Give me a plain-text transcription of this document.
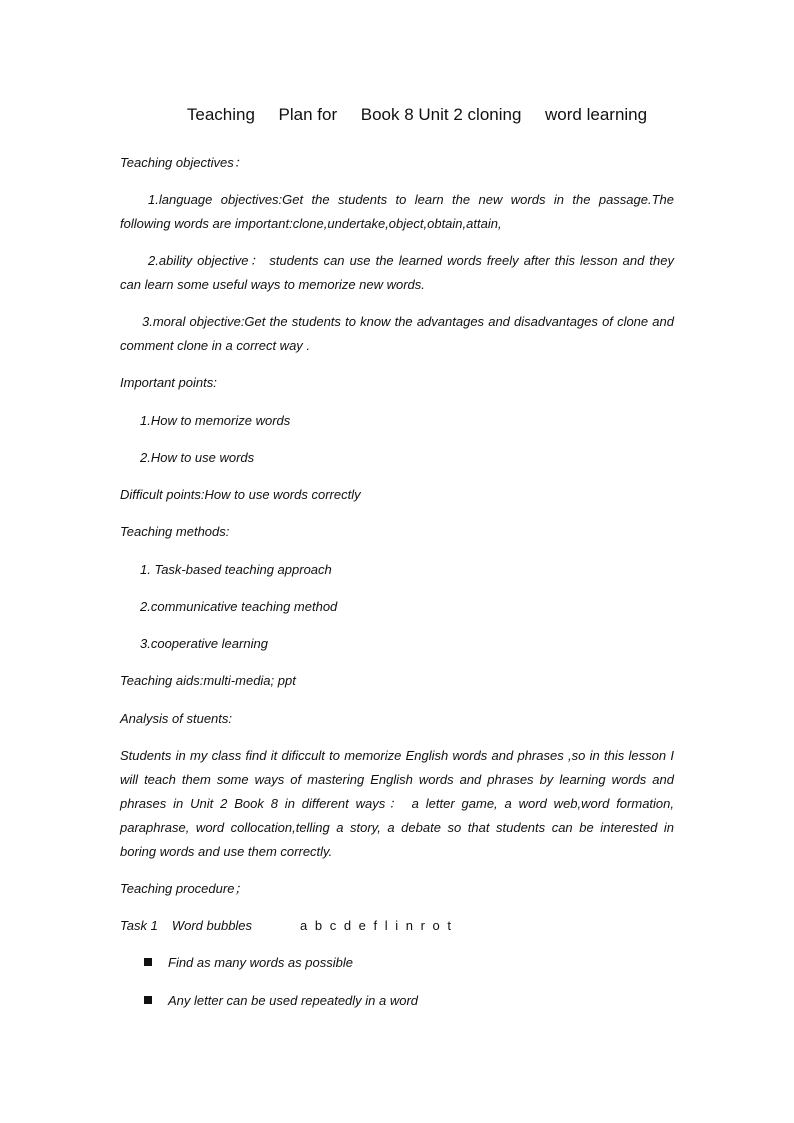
Teaching     Plan for     Book 8 Unit 2 cloning     word learning
Teaching objectives：
1.language objectives:Get the students to learn the new words in the passage.The
following words are important:clone,undertake,object,obtain,attain,
2.ability objective： students can use the learned words freely after this lesson and they
can learn some useful ways to memorize new words.
3.moral objective:Get the students to know the advantages and disadvantages of clone and
comment clone in a correct way .
Important points:
1.How to memorize words
2.How to use words
Difficult points:How to use words correctly
Teaching methods:
1. Task-based teaching approach
2.communicative teaching method
3.cooperative learning
Teaching aids:multi-media; ppt
Analysis of stuents:
Students in my class find it dificcult to memorize English words and phrases ,so in this lesson I
will teach them some ways of mastering English words and phrases by learning words and
phrases in Unit 2 Book 8 in different ways： a letter game, a word web,word formation,
paraphrase, word collocation,telling a story, a debate so that students can be interested in
boring words and use them correctly.
Teaching procedure；
Task 1 Word bubbles	a b c d e f l i n r o t
Find as many words as possible
Any letter can be used repeatedly in a word
